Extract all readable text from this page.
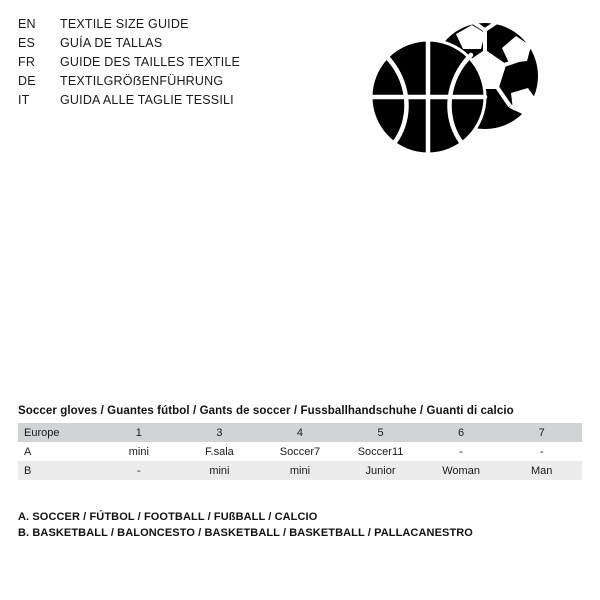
EN	TEXTILE SIZE GUIDE
ES	GUÍA DE TALLAS
FR	GUIDE DES TAILLES TEXTILE
DE	TEXTILGRÖẞENFÜHRUNG
IT	GUIDA ALLE TAGLIE TESSILI
Soccer gloves / Guantes fútbol / Gants de soccer / Fussballhandschuhe / Guanti di calcio
Europe	1	3	4	5	6	7
A	mini	F.sala	Soccer7	Soccer11	-	-
B	-	mini	mini	Junior	Woman	Man
A. SOCCER / FÚTBOL / FOOTBALL / FUßBALL / CALCIO
B. BASKETBALL / BALONCESTO / BASKETBALL / BASKETBALL / PALLACANESTRO
